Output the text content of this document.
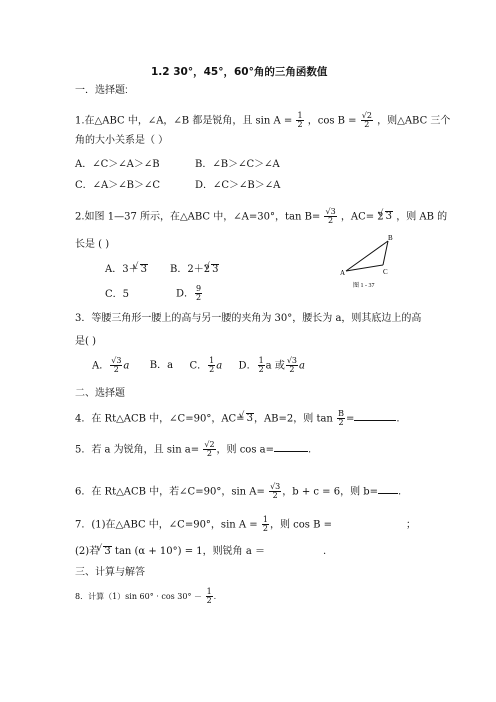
1.2 30°，45°，60°角的三角函数值
一．选择题:
1.在△ABC 中，∠A，∠B 都是锐角，且 $\sin A = \frac{1}{2}$ ，$\cos B = \frac{√2}{2}$ ，则△ABC 三个
角的大小关系是（ ）
A．∠C＞∠A＞∠B	B．∠B＞∠C＞∠A
C．∠A＞∠B＞∠C	D．∠C＞∠B＞∠A
2.如图 1—37 所示，在△ABC 中，∠A=30°，$\tan B= \frac{√3}{2}$ ，AC= 2 √ 3 ，则 AB 的
长是 ( )
A．3＋ √ 3 B．2＋2 √ 3
C．5	D． $\frac{9}{2}$
A
B
C
图 1 - 37
3．等腰三角形一腰上的高与另一腰的夹角为 30°，腰长为 a，则其底边上的高
是( )
A． $\frac{√3}{2}$ a B．a C． $\frac{1}{2}$ a D． $\frac{1}{2}$ a 或 $\frac{√3}{2}$ a
二、选择题
4．在 Rt△ACB 中，∠C=90°，AC= √ 3，AB=2，则 $\tan \frac{B}{2}$ =	.
5．若 a 为锐角，且 $\sin a= \frac{√2}{2}$ ，则 cos a=	.
6．在 Rt△ACB 中，若∠C=90°，$\sin A= \frac{√3}{2}$ ，b + c = 6，则 b= .
7．(1)在△ABC 中，∠C=90°，$\sin A = \frac{1}{2}$ ，则 cos B =	；
(2)若 √ 3 tan (α + 10°) = 1，则锐角 a ＝	.
三、计算与解答
8．计算（1）sin $60^\circ \cdot \cos 30^\circ - \frac{1}{2}$ .
